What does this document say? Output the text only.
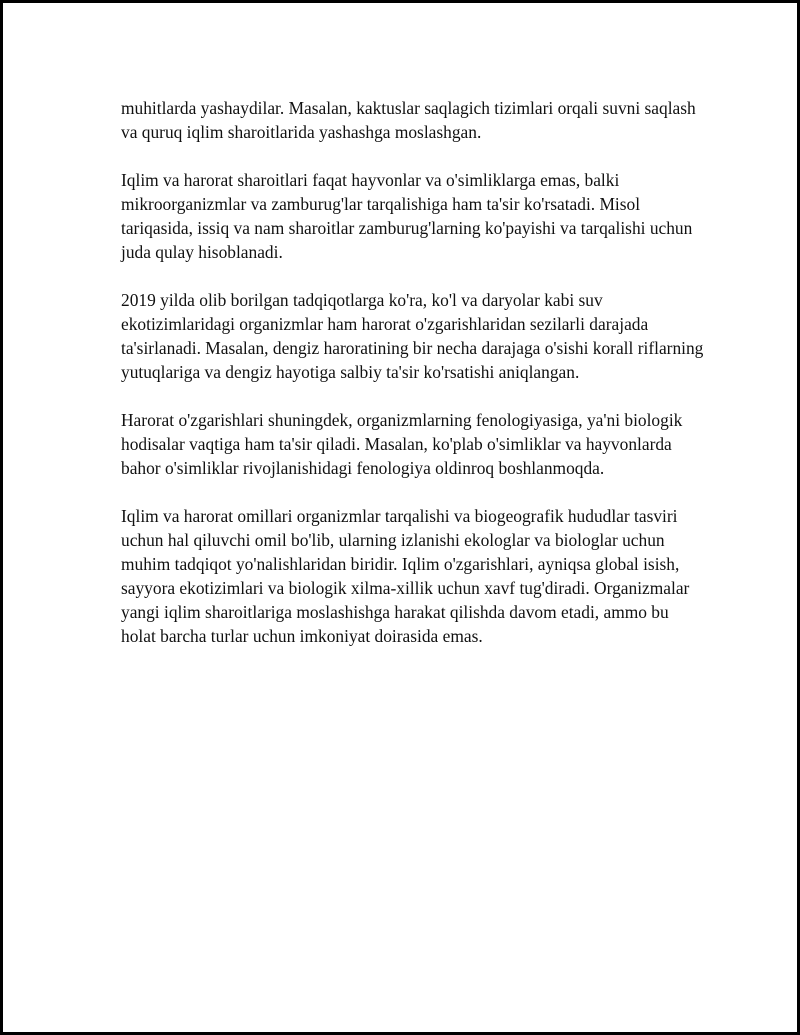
muhitlarda yashaydilar. Masalan, kaktuslar saqlagich tizimlari orqali suvni saqlash va quruq iqlim sharoitlarida yashashga moslashgan.

Iqlim va harorat sharoitlari faqat hayvonlar va o'simliklarga emas, balki mikroorganizmlar va zamburug'lar tarqalishiga ham ta'sir ko'rsatadi. Misol tariqasida, issiq va nam sharoitlar zamburug'larning ko'payishi va tarqalishi uchun juda qulay hisoblanadi.

2019 yilda olib borilgan tadqiqotlarga ko'ra, ko'l va daryolar kabi suv ekotizimlaridagi organizmlar ham harorat o'zgarishlaridan sezilarli darajada ta'sirlanadi. Masalan, dengiz haroratining bir necha darajaga o'sishi korall riflarning yutuqlariga va dengiz hayotiga salbiy ta'sir ko'rsatishi aniqlangan.

Harorat o'zgarishlari shuningdek, organizmlarning fenologiyasiga, ya'ni biologik hodisalar vaqtiga ham ta'sir qiladi. Masalan, ko'plab o'simliklar va hayvonlarda bahor o'simliklar rivojlanishidagi fenologiya oldinroq boshlanmoqda.

Iqlim va harorat omillari organizmlar tarqalishi va biogeografik hududlar tasviri uchun hal qiluvchi omil bo'lib, ularning izlanishi ekologlar va biologlar uchun muhim tadqiqot yo'nalishlaridan biridir. Iqlim o'zgarishlari, ayniqsa global isish, sayyora ekotizimlari va biologik xilma-xillik uchun xavf tug'diradi. Organizmalar yangi iqlim sharoitlariga moslashishga harakat qilishda davom etadi, ammo bu holat barcha turlar uchun imkoniyat doirasida emas.
